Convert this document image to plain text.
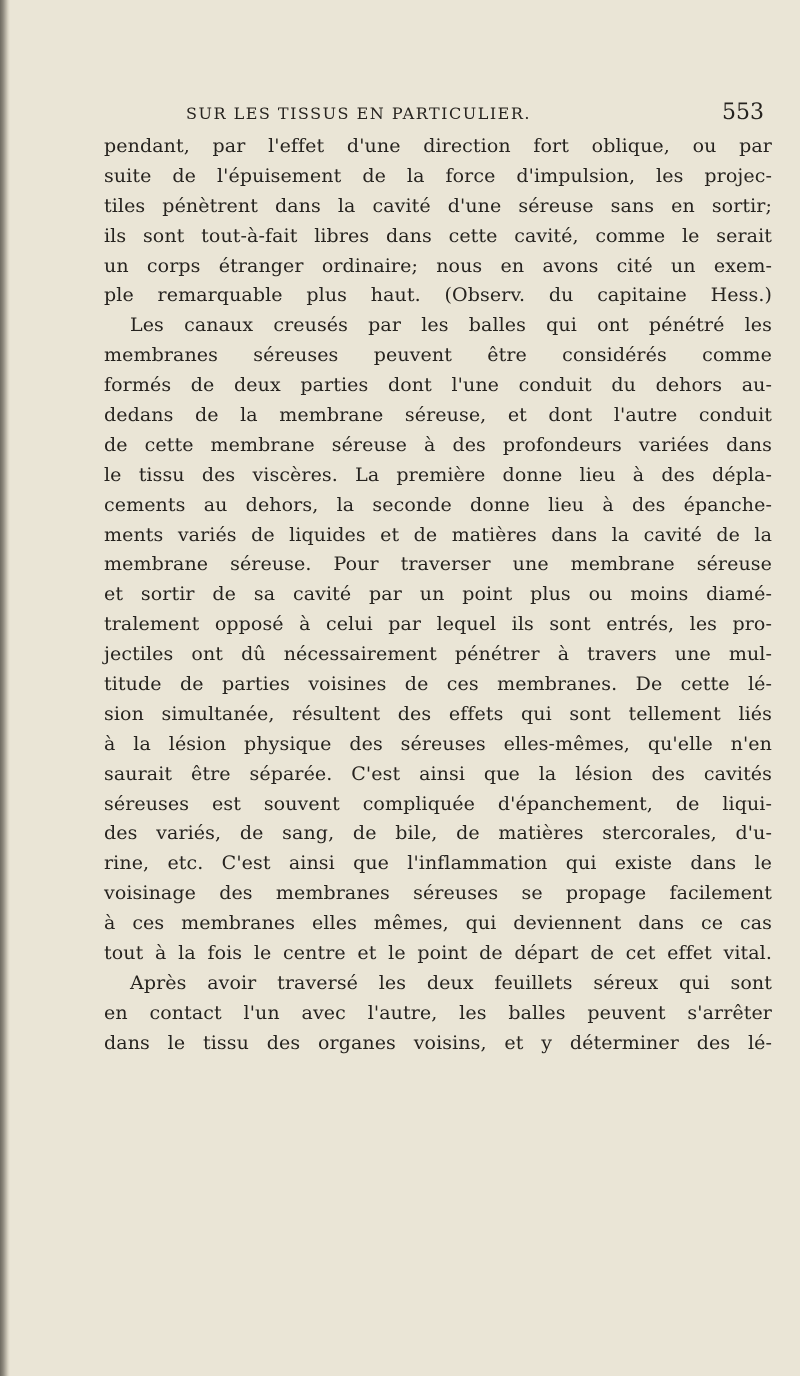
SUR LES TISSUS EN PARTICULIER.	553
pendant, par l'effet d'une direction fort oblique, ou par
suite de l'épuisement de la force d'impulsion, les projec-
tiles pénètrent dans la cavité d'une séreuse sans en sortir;
ils sont tout-à-fait libres dans cette cavité, comme le serait
un corps étranger ordinaire; nous en avons cité un exem-
ple remarquable plus haut. (Observ. du capitaine Hess.)
Les canaux creusés par les balles qui ont pénétré les
membranes séreuses peuvent être considérés comme
formés de deux parties dont l'une conduit du dehors au-
dedans de la membrane séreuse, et dont l'autre conduit
de cette membrane séreuse à des profondeurs variées dans
le tissu des viscères. La première donne lieu à des dépla-
cements au dehors, la seconde donne lieu à des épanche-
ments variés de liquides et de matières dans la cavité de la
membrane séreuse. Pour traverser une membrane séreuse
et sortir de sa cavité par un point plus ou moins diamé-
tralement opposé à celui par lequel ils sont entrés, les pro-
jectiles ont dû nécessairement pénétrer à travers une mul-
titude de parties voisines de ces membranes. De cette lé-
sion simultanée, résultent des effets qui sont tellement liés
à la lésion physique des séreuses elles-mêmes, qu'elle n'en
saurait être séparée. C'est ainsi que la lésion des cavités
séreuses est souvent compliquée d'épanchement, de liqui-
des variés, de sang, de bile, de matières stercorales, d'u-
rine, etc. C'est ainsi que l'inflammation qui existe dans le
voisinage des membranes séreuses se propage facilement
à ces membranes elles mêmes, qui deviennent dans ce cas
tout à la fois le centre et le point de départ de cet effet vital.
Après avoir traversé les deux feuillets séreux qui sont
en contact l'un avec l'autre, les balles peuvent s'arrêter
dans le tissu des organes voisins, et y déterminer des lé-
